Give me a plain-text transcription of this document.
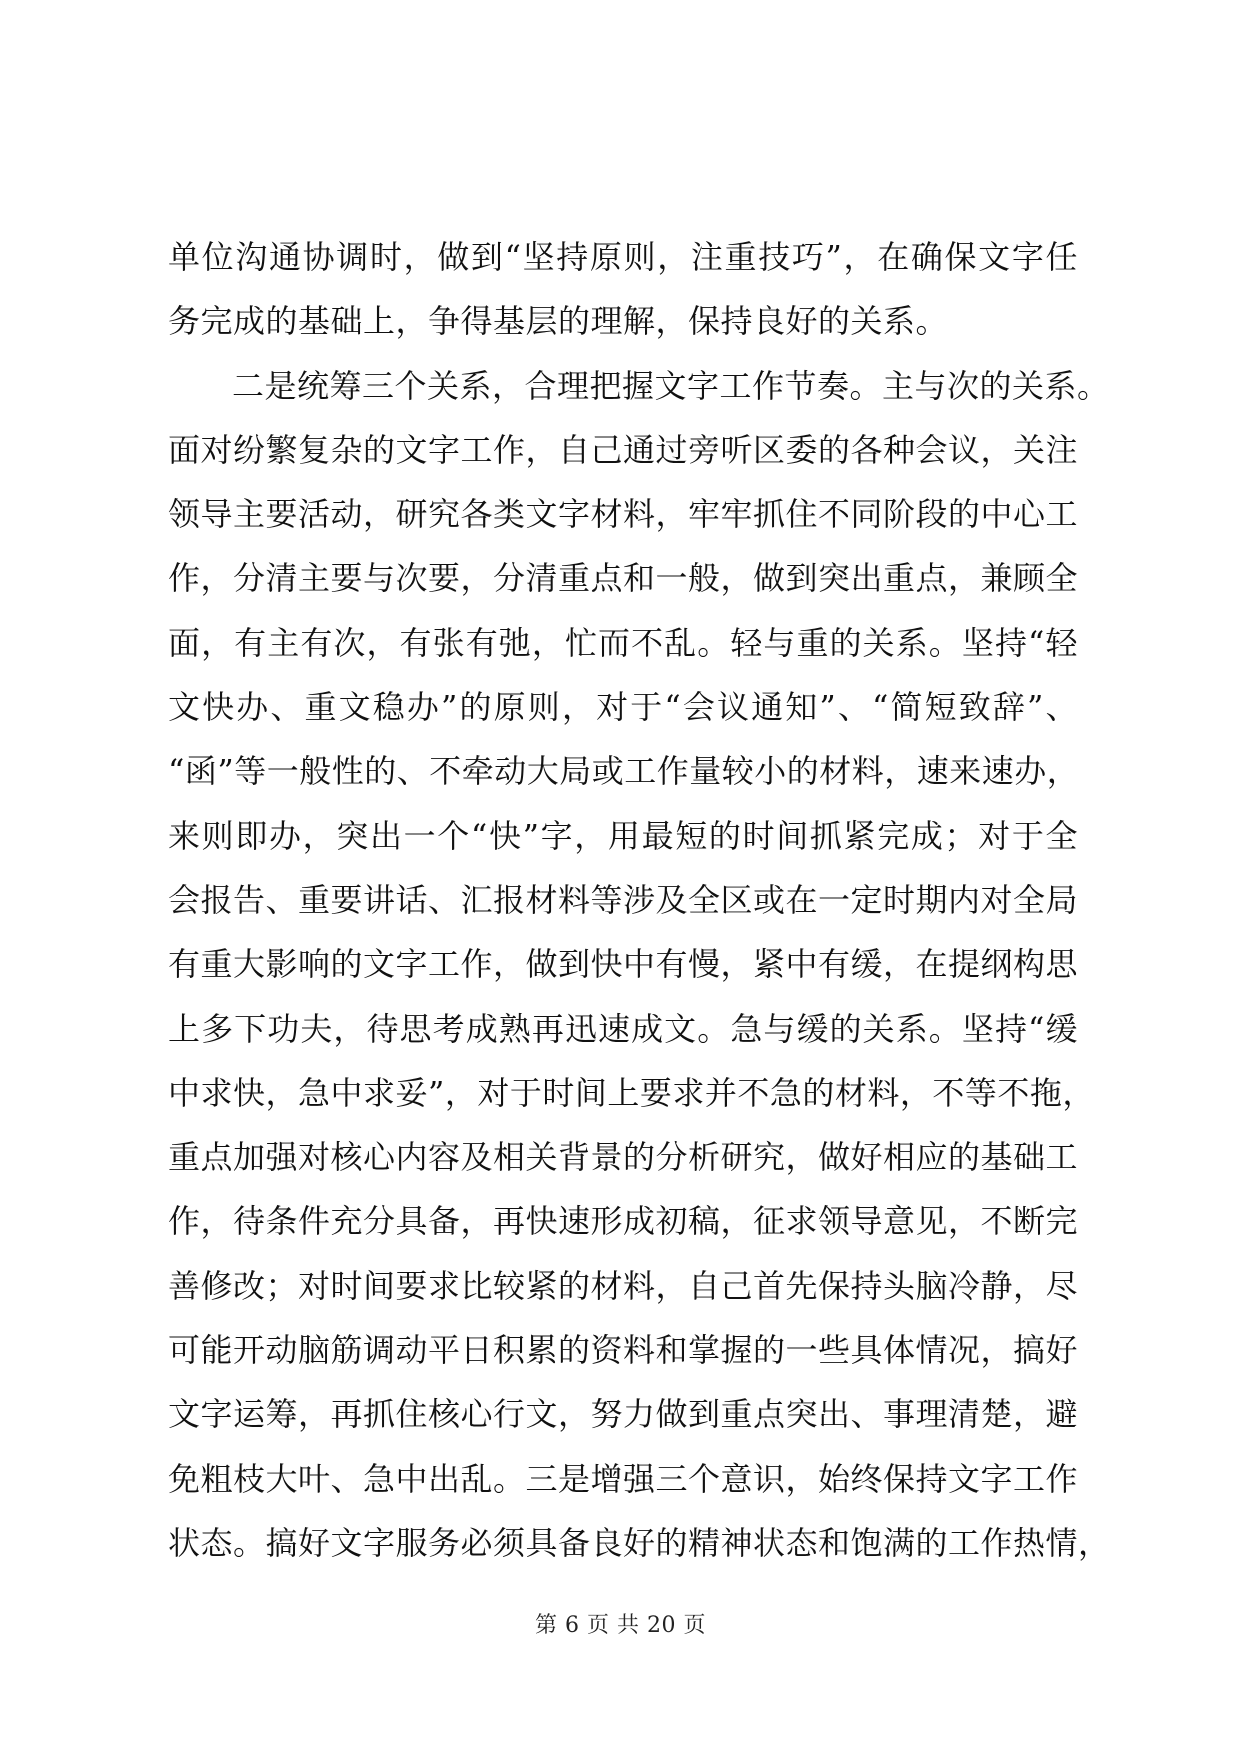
单位沟通协调时，做到“坚持原则，注重技巧”，在确保文字任
务完成的基础上，争得基层的理解，保持良好的关系。
二是统筹三个关系，合理把握文字工作节奏。主与次的关系。
面对纷繁复杂的文字工作，自己通过旁听区委的各种会议，关注
领导主要活动，研究各类文字材料，牢牢抓住不同阶段的中心工
作，分清主要与次要，分清重点和一般，做到突出重点，兼顾全
面，有主有次，有张有弛，忙而不乱。轻与重的关系。坚持“轻
文快办、重文稳办”的原则，对于“会议通知”、“简短致辞”、
“函”等一般性的、不牵动大局或工作量较小的材料，速来速办，
来则即办，突出一个“快”字，用最短的时间抓紧完成；对于全
会报告、重要讲话、汇报材料等涉及全区或在一定时期内对全局
有重大影响的文字工作，做到快中有慢，紧中有缓，在提纲构思
上多下功夫，待思考成熟再迅速成文。急与缓的关系。坚持“缓
中求快，急中求妥”，对于时间上要求并不急的材料，不等不拖，
重点加强对核心内容及相关背景的分析研究，做好相应的基础工
作，待条件充分具备，再快速形成初稿，征求领导意见，不断完
善修改；对时间要求比较紧的材料，自己首先保持头脑冷静，尽
可能开动脑筋调动平日积累的资料和掌握的一些具体情况，搞好
文字运筹，再抓住核心行文，努力做到重点突出、事理清楚，避
免粗枝大叶、急中出乱。三是增强三个意识，始终保持文字工作
状态。搞好文字服务必须具备良好的精神状态和饱满的工作热情，
第 6 页 共 20 页
